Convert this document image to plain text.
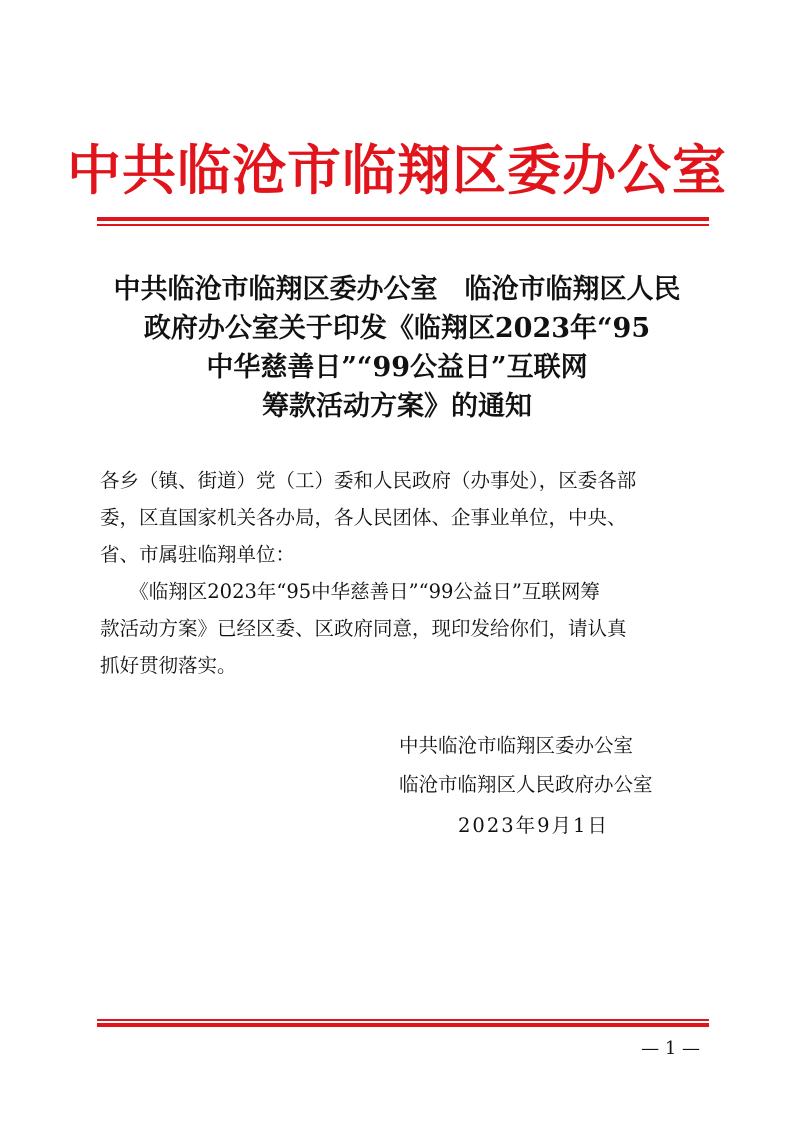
中共临沧市临翔区委办公室
中共临沧市临翔区委办公室　临沧市临翔区人民
政府办公室关于印发《临翔区2023年“95
中华慈善日”“99公益日”互联网
筹款活动方案》的通知
各乡（镇、街道）党（工）委和人民政府（办事处），区委各部
委，区直国家机关各办局，各人民团体、企事业单位，中央、
省、市属驻临翔单位：
　　《临翔区2023年“95中华慈善日”“99公益日”互联网筹
款活动方案》已经区委、区政府同意，现印发给你们，请认真
抓好贯彻落实。
中共临沧市临翔区委办公室
临沧市临翔区人民政府办公室
2023年9月1日
— 1 —
